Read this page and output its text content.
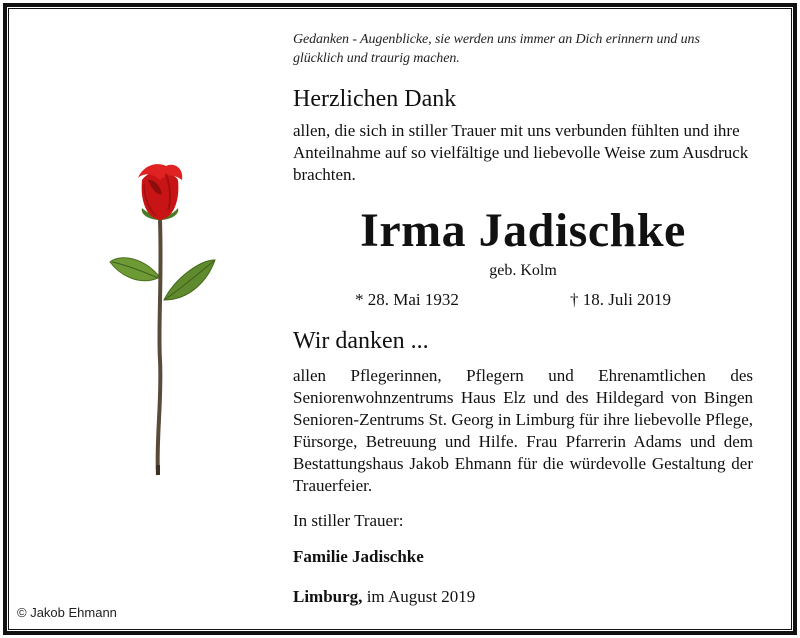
© Jakob Ehmann

Gedanken - Augenblicke, sie werden uns immer an Dich erinnern und uns glücklich und traurig machen.

Herzlichen Dank

allen, die sich in stiller Trauer mit uns verbunden fühlten und ihre Anteilnahme auf so vielfältige und liebevolle Weise zum Ausdruck brachten.

Irma Jadischke

geb. Kolm

* 28. Mai 1932	† 18. Juli 2019
Wir danken ...

allen Pflegerinnen, Pflegern und Ehrenamtlichen des Seniorenwohnzentrums Haus Elz und des Hildegard von Bingen Senioren-Zentrums St. Georg in Limburg für ihre liebevolle Pflege, Fürsorge, Betreuung und Hilfe. Frau Pfarrerin Adams und dem Bestattungshaus Jakob Ehmann für die würdevolle Gestaltung der Trauerfeier.

In stiller Trauer:

Familie Jadischke

Limburg, im August 2019
